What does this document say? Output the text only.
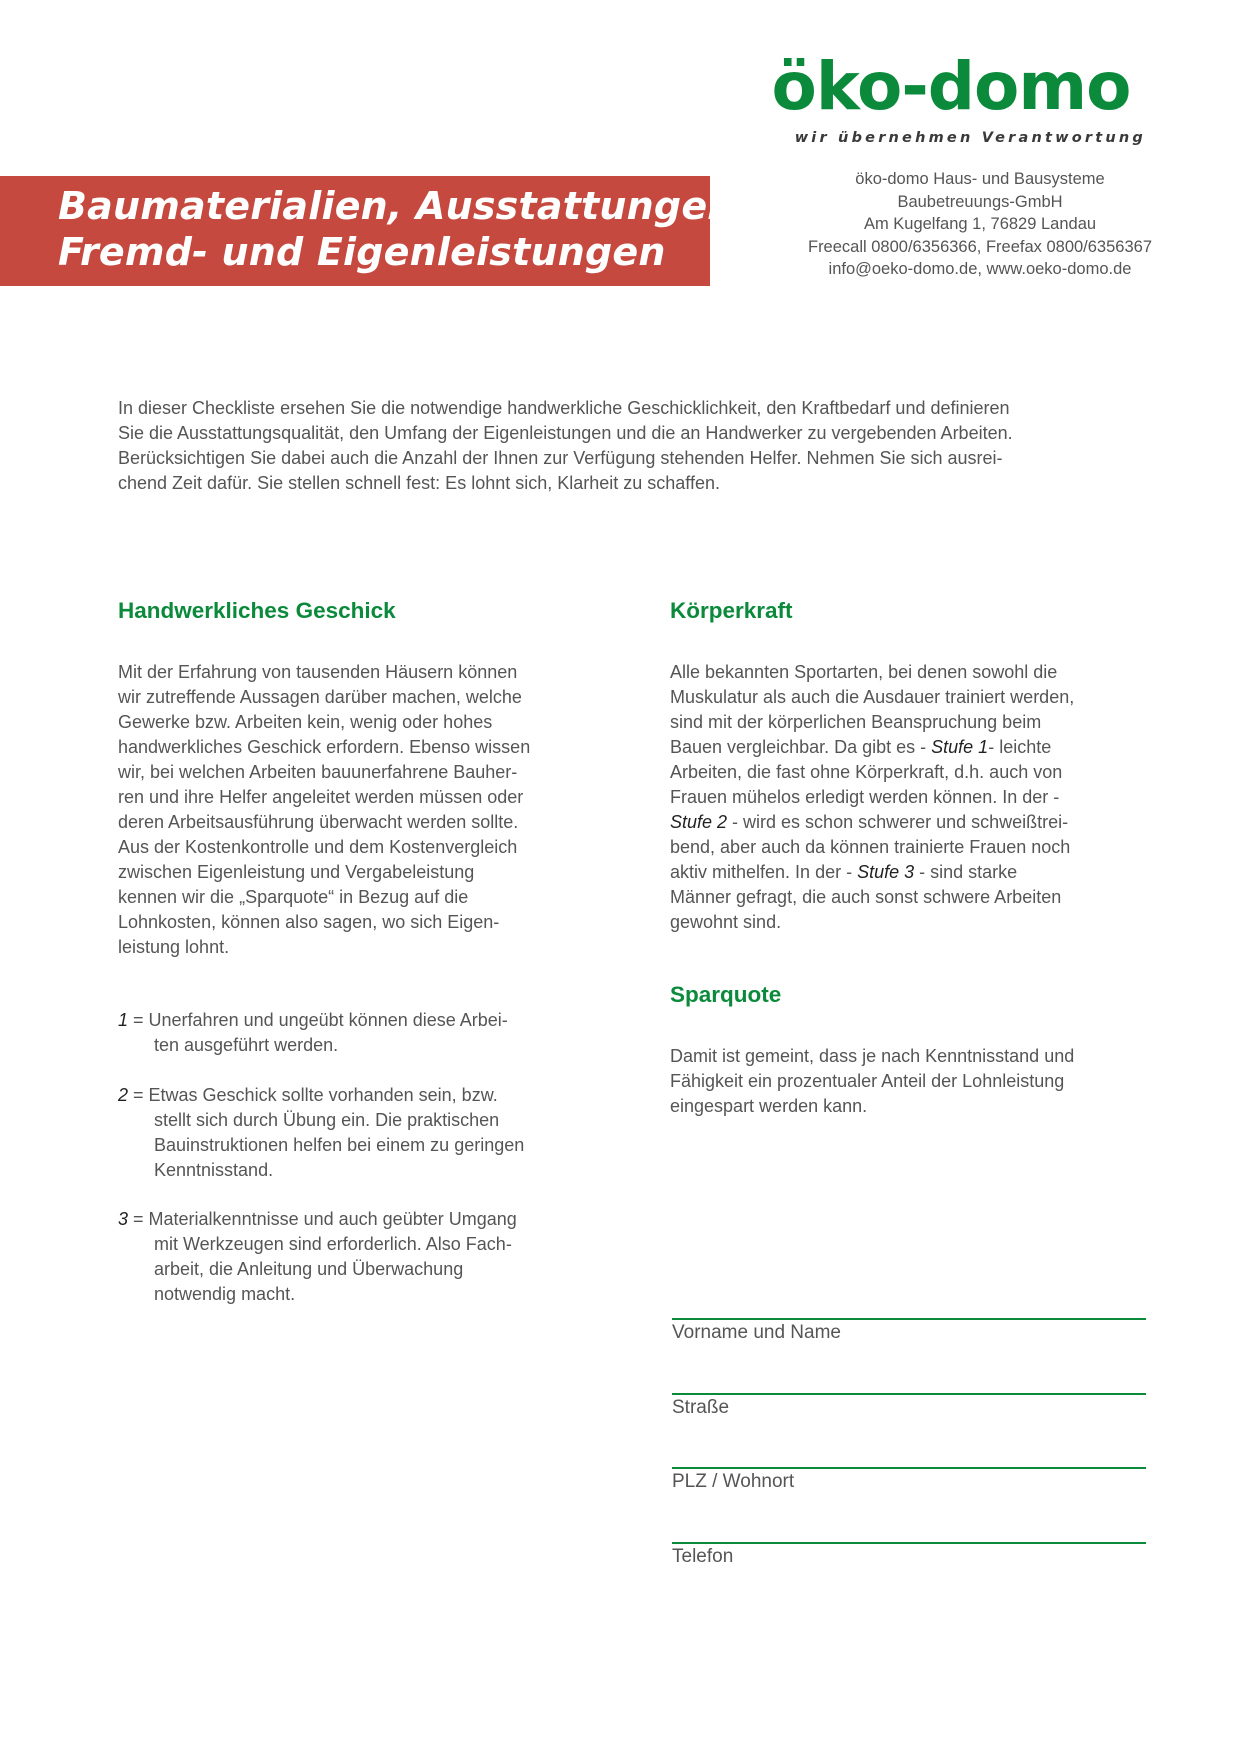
öko-domo
wir übernehmen Verantwortung
Baumaterialien, Ausstattungen,
Fremd- und Eigenleistungen
öko-domo Haus- und Bausysteme
Baubetreuungs-GmbH
Am Kugelfang 1, 76829 Landau
Freecall 0800/6356366, Freefax 0800/6356367
info@oeko-domo.de, www.oeko-domo.de
In dieser Checkliste ersehen Sie die notwendige handwerkliche Geschicklichkeit, den Kraftbedarf und definieren
Sie die Ausstattungsqualität, den Umfang der Eigenleistungen und die an Handwerker zu vergebenden Arbeiten.
Berücksichtigen Sie dabei auch die Anzahl der Ihnen zur Verfügung stehenden Helfer. Nehmen Sie sich ausrei-
chend Zeit dafür. Sie stellen schnell fest: Es lohnt sich, Klarheit zu schaffen.
Handwerkliches Geschick
Mit der Erfahrung von tausenden Häusern können
wir zutreffende Aussagen darüber machen, welche
Gewerke bzw. Arbeiten kein, wenig oder hohes
handwerkliches Geschick erfordern. Ebenso wissen
wir, bei welchen Arbeiten bauunerfahrene Bauher-
ren und ihre Helfer angeleitet werden müssen oder
deren Arbeitsausführung überwacht werden sollte.
Aus der Kostenkontrolle und dem Kostenvergleich
zwischen Eigenleistung und Vergabeleistung
kennen wir die „Sparquote“ in Bezug auf die
Lohnkosten, können also sagen, wo sich Eigen-
leistung lohnt.
1 = Unerfahren und ungeübt können diese Arbei-
ten ausgeführt werden.
2 = Etwas Geschick sollte vorhanden sein, bzw.
stellt sich durch Übung ein. Die praktischen
Bauinstruktionen helfen bei einem zu geringen
Kenntnisstand.
3 = Materialkenntnisse und auch geübter Umgang
mit Werkzeugen sind erforderlich. Also Fach-
arbeit, die Anleitung und Überwachung
notwendig macht.
Körperkraft
Alle bekannten Sportarten, bei denen sowohl die
Muskulatur als auch die Ausdauer trainiert werden,
sind mit der körperlichen Beanspruchung beim
Bauen vergleichbar. Da gibt es - Stufe 1- leichte
Arbeiten, die fast ohne Körperkraft, d.h. auch von
Frauen mühelos erledigt werden können. In der -
Stufe 2 - wird es schon schwerer und schweißtrei-
bend, aber auch da können trainierte Frauen noch
aktiv mithelfen. In der - Stufe 3 - sind starke
Männer gefragt, die auch sonst schwere Arbeiten
gewohnt sind.
Sparquote
Damit ist gemeint, dass je nach Kenntnisstand und
Fähigkeit ein prozentualer Anteil der Lohnleistung
eingespart werden kann.
Vorname und Name
Straße
PLZ / Wohnort
Telefon
